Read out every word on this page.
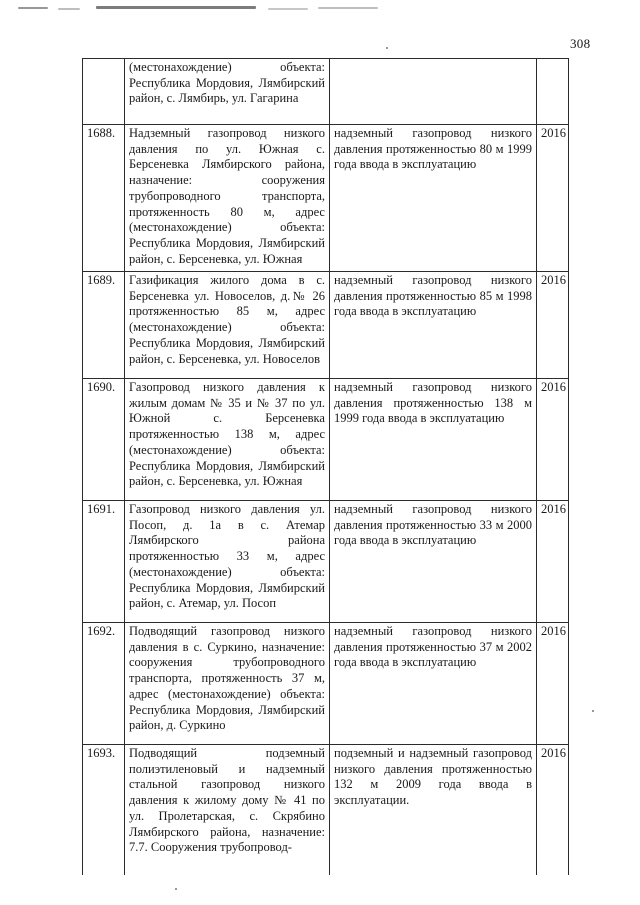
308
	(местонахождение) объекта: Республика Мордовия, Лямбирский район, с. Лямбирь, ул. Гагарина		
1688.	Надземный газопровод низкого давления по ул. Южная с. Берсеневка Лямбирского района, назначение: сооружения трубопроводного транспорта, протяженность 80 м, адрес (местонахождение) объекта: Республика Мордовия, Лямбирский район, с. Берсеневка, ул. Южная	надземный газопровод низкого давления протяженностью 80 м 1999 года ввода в эксплуатацию	2016
1689.	Газификация жилого дома в с. Берсеневка ул. Новоселов, д.№ 26 протяженностью 85 м, адрес (местонахождение) объекта: Республика Мордовия, Лямбирский район, с. Берсеневка, ул. Новоселов	надземный газопровод низкого давления протяженностью 85 м 1998 года ввода в эксплуатацию	2016
1690.	Газопровод низкого давления к жилым домам № 35 и № 37 по ул. Южной с. Берсеневка протяженностью 138 м, адрес (местонахождение) объекта: Республика Мордовия, Лямбирский район, с. Берсеневка, ул. Южная	надземный газопровод низкого давления протяженностью 138 м 1999 года ввода в эксплуатацию	2016
1691.	Газопровод низкого давления ул. Посоп, д. 1а в с. Атемар Лямбирского района протяженностью 33 м, адрес (местонахождение) объекта: Республика Мордовия, Лямбирский район, с. Атемар, ул. Посоп	надземный газопровод низкого давления протяженностью 33 м 2000 года ввода в эксплуатацию	2016
1692.	Подводящий газопровод низкого давления в с. Суркино, назначение: сооружения трубопроводного транспорта, протяженность 37 м, адрес (местонахождение) объекта: Республика Мордовия, Лямбирский район, д. Суркино	надземный газопровод низкого давления протяженностью 37 м 2002 года ввода в эксплуатацию	2016
1693.	Подводящий подземный полиэтиленовый и надземный стальной газопровод низкого давления к жилому дому № 41 по ул. Пролетарская, с. Скрябино Лямбирского района, назначение: 7.7. Сооружения трубопровод-	подземный и надземный газопровод низкого давления протяженностью 132 м 2009 года ввода в эксплуатации.	2016
